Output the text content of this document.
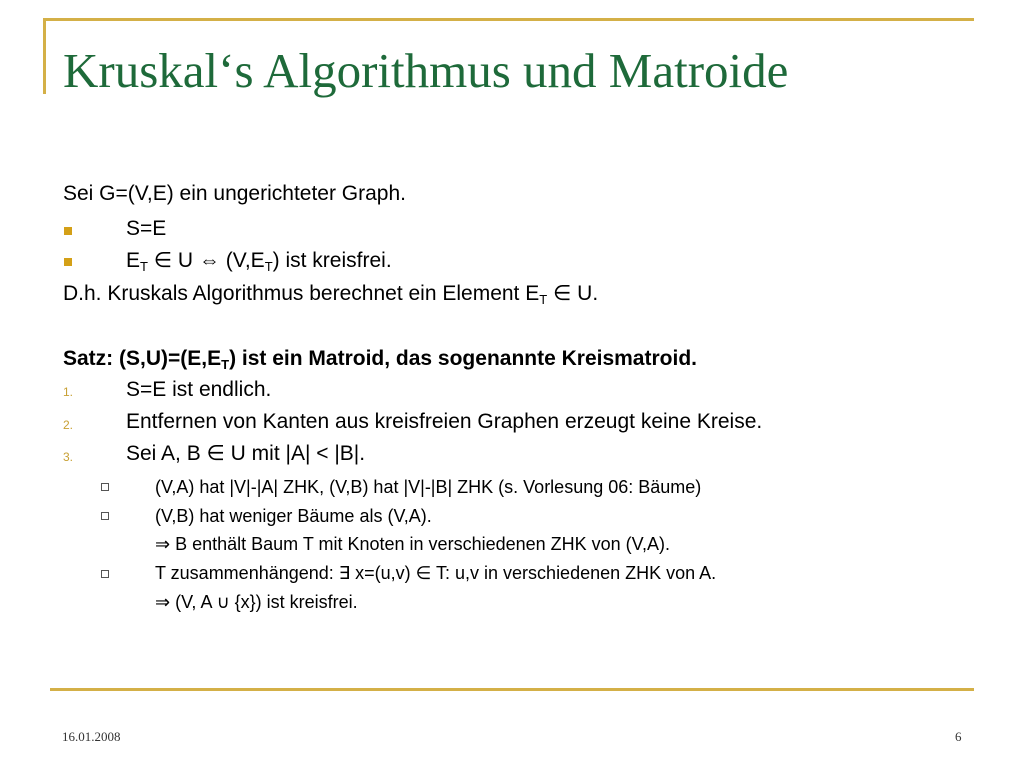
Kruskal‘s Algorithmus und Matroide
Sei G=(V,E) ein ungerichteter Graph.
S=E
$E_T$ ∈ U ⇔ $(V,E_T)$ ist kreisfrei.
D.h. Kruskals Algorithmus berechnet ein Element $E_T$ ∈ U.
Satz: $(S,U)=(E,E_T)$ ist ein Matroid, das sogenannte Kreismatroid.
1.	S=E ist endlich.
2.	Entfernen von Kanten aus kreisfreien Graphen erzeugt keine Kreise.
3.	Sei A, B ∈ U mit |A| < |B|.
(V,A) hat |V|-|A| ZHK, (V,B) hat |V|-|B| ZHK (s. Vorlesung 06: Bäume)
(V,B) hat weniger Bäume als (V,A).
⇒ B enthält Baum T mit Knoten in verschiedenen ZHK von (V,A).
T zusammenhängend: ∃ x=(u,v) ∈ T: u,v in verschiedenen ZHK von A.
⇒ (V, A ∪ {x}) ist kreisfrei.
16.01.2008	6
